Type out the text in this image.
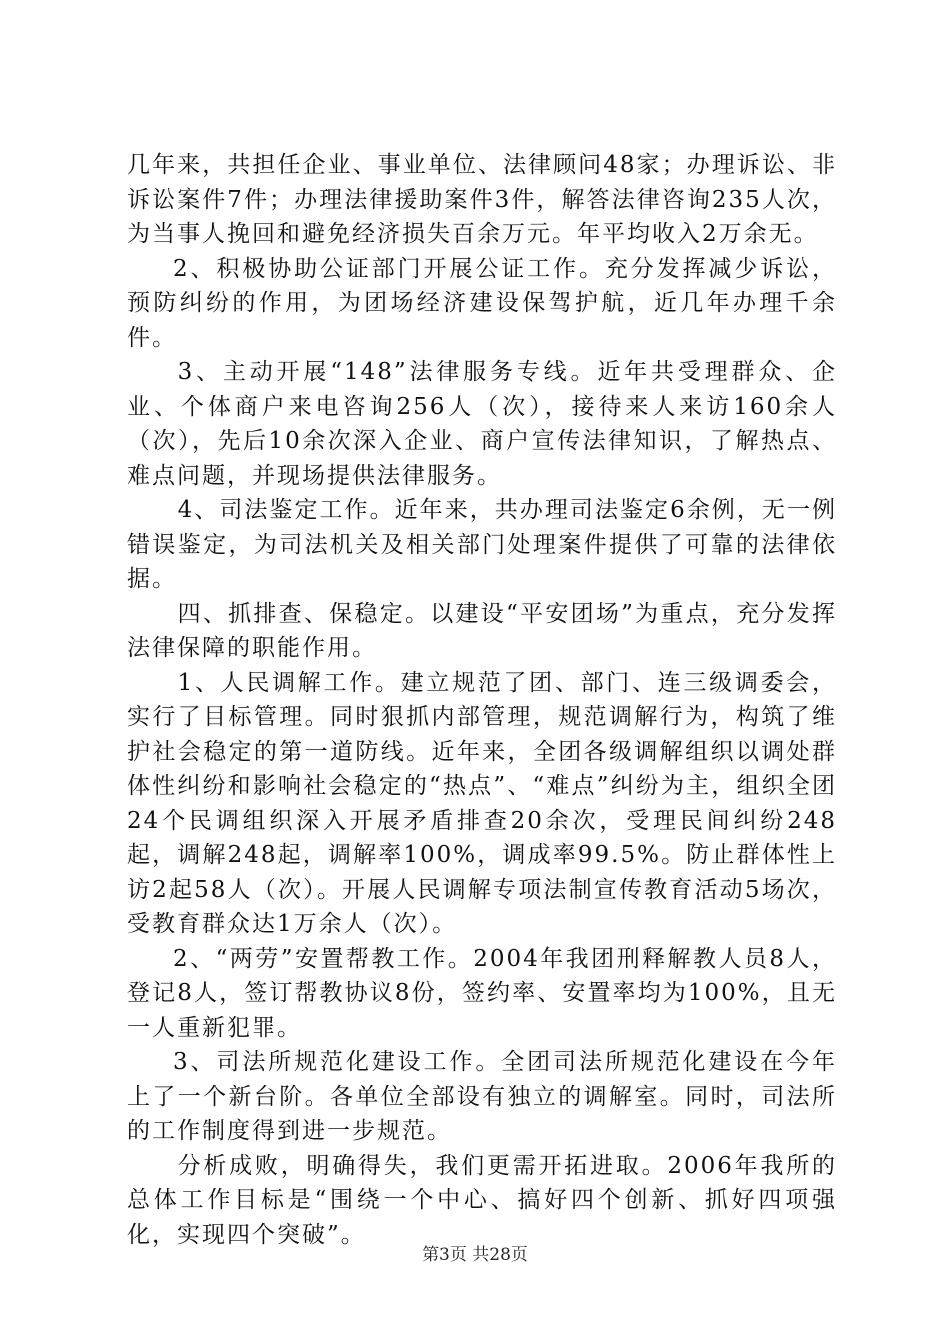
几年来，共担任企业、事业单位、法律顾问48家；办理诉讼、非诉讼案件7件；办理法律援助案件3件，解答法律咨询235人次，为当事人挽回和避免经济损失百余万元。年平均收入2万余无。

2、积极协助公证部门开展公证工作。充分发挥减少诉讼，预防纠纷的作用，为团场经济建设保驾护航，近几年办理千余件。

3、主动开展“148”法律服务专线。近年共受理群众、企业、个体商户来电咨询256人（次），接待来人来访160余人（次），先后10余次深入企业、商户宣传法律知识，了解热点、难点问题，并现场提供法律服务。

4、司法鉴定工作。近年来，共办理司法鉴定6余例，无一例错误鉴定，为司法机关及相关部门处理案件提供了可靠的法律依据。

四、抓排查、保稳定。以建设“平安团场”为重点，充分发挥法律保障的职能作用。

1、人民调解工作。建立规范了团、部门、连三级调委会，实行了目标管理。同时狠抓内部管理，规范调解行为，构筑了维护社会稳定的第一道防线。近年来，全团各级调解组织以调处群体性纠纷和影响社会稳定的“热点”、“难点”纠纷为主，组织全团24个民调组织深入开展矛盾排查20余次，受理民间纠纷248起，调解248起，调解率100%，调成率99.5%。防止群体性上访2起58人（次）。开展人民调解专项法制宣传教育活动5场次，受教育群众达1万余人（次）。

2、“两劳”安置帮教工作。2004年我团刑释解教人员8人，登记8人，签订帮教协议8份，签约率、安置率均为100%，且无一人重新犯罪。

3、司法所规范化建设工作。全团司法所规范化建设在今年上了一个新台阶。各单位全部设有独立的调解室。同时，司法所的工作制度得到进一步规范。

分析成败，明确得失，我们更需开拓进取。2006年我所的总体工作目标是“围绕一个中心、搞好四个创新、抓好四项强化，实现四个突破”。

第3页 共28页
